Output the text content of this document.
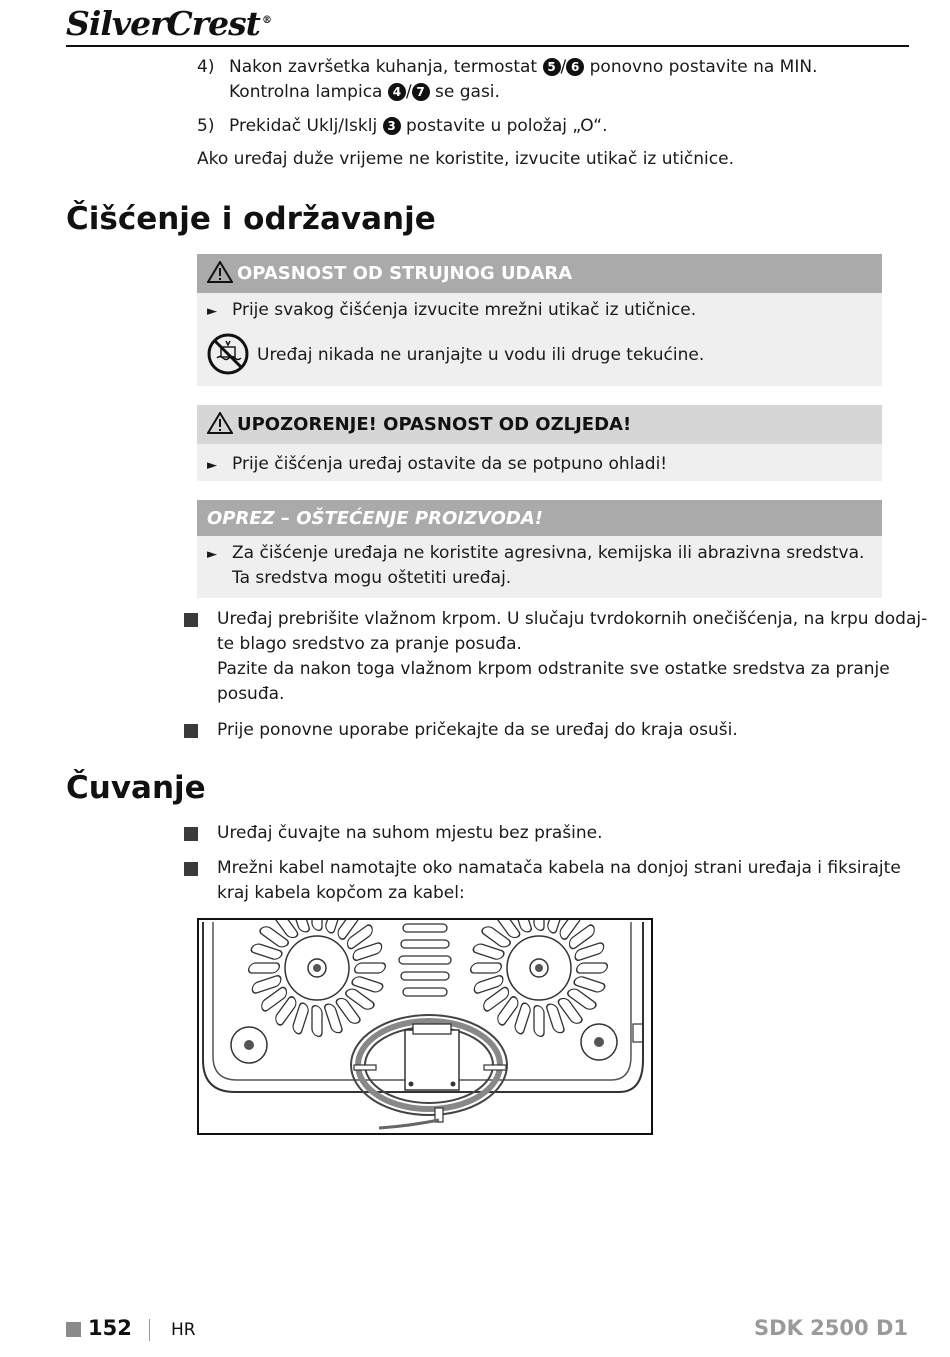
SilverCrest ®
4) Nakon završetka kuhanja, termostat 5 / 6 ponovno postavite na MIN.
Kontrolna lampica 4 / 7 se gasi.
5) Prekidač Uklj/Isklj 3 postavite u položaj „O“.
Ako uređaj duže vrijeme ne koristite, izvucite utikač iz utičnice.
Čišćenje i održavanje
OPASNOST OD STRUJNOG UDARA
► Prije svakog čišćenja izvucite mrežni utikač iz utičnice.
Uređaj nikada ne uranjajte u vodu ili druge tekućine.
UPOZORENJE! OPASNOST OD OZLJEDA!
► Prije čišćenja uređaj ostavite da se potpuno ohladi!
OPREZ – OŠTEĆENJE PROIZVODA!
► Za čišćenje uređaja ne koristite agresivna, kemijska ili abrazivna sredstva.
Ta sredstva mogu oštetiti uređaj.
Uređaj prebrišite vlažnom krpom. U slučaju tvrdokornih onečišćenja, na krpu dodaj-
te blago sredstvo za pranje posuđa.
Pazite da nakon toga vlažnom krpom odstranite sve ostatke sredstva za pranje
posuđa.
Prije ponovne uporabe pričekajte da se uređaj do kraja osuši.
Čuvanje
Uređaj čuvajte na suhom mjestu bez prašine.
Mrežni kabel namotajte oko namatača kabela na donjoj strani uređaja i fiksirajte
kraj kabela kopčom za kabel:
152 HR	SDK 2500 D1
